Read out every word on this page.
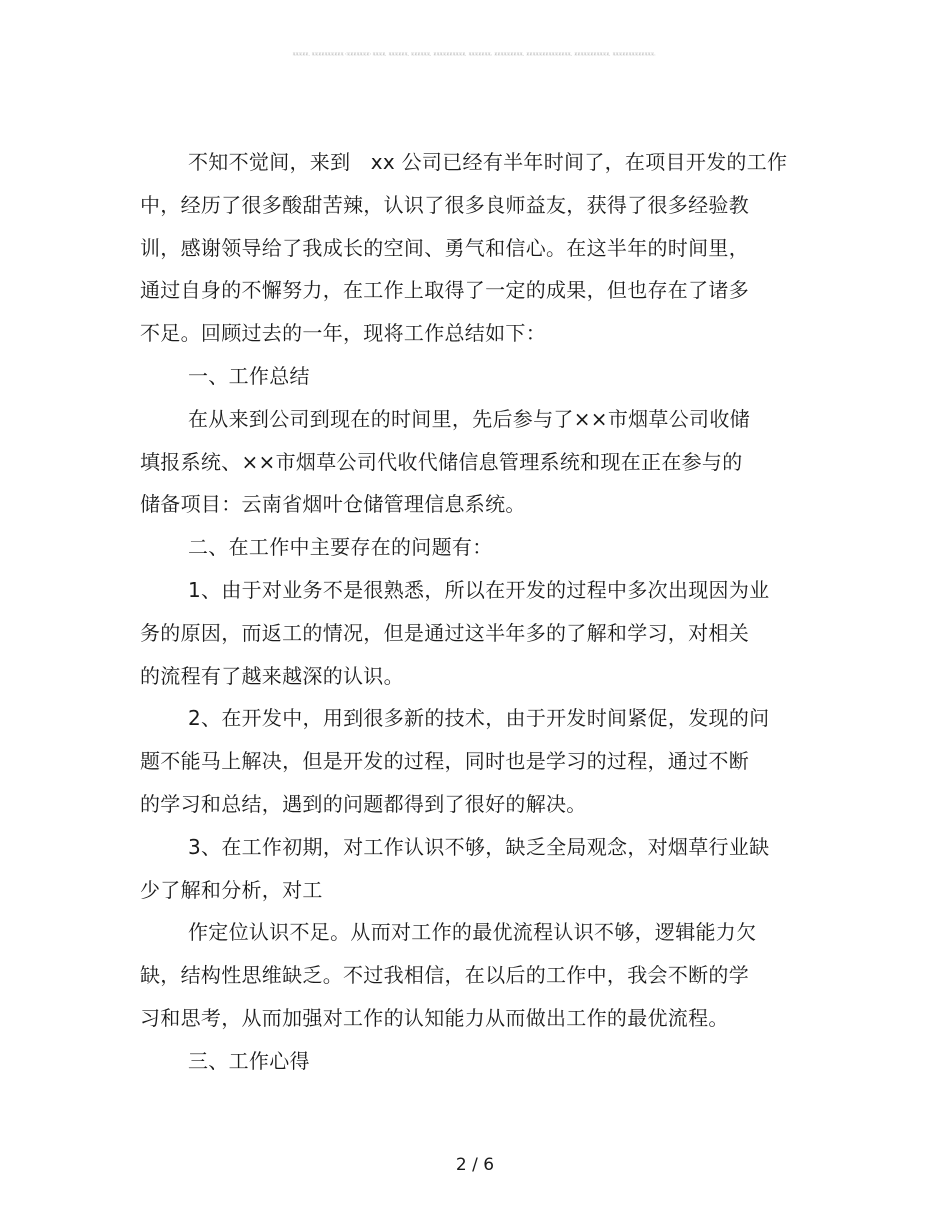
某某某某某，某某某某某某某某某某（某某某某某某某）某某某某，某某某某某某，某某某某某某，某某某某某某某某某某，某某某某某某某。某某某某某某某某某，某某某某某某某某某某某某某某，某某某某某某某某某某某，某某某某某某某某某某某某某。

不知不觉间，来到　xx 公司已经有半年时间了，在项目开发的工作
中，经历了很多酸甜苦辣，认识了很多良师益友，获得了很多经验教
训，感谢领导给了我成长的空间、勇气和信心。在这半年的时间里，
通过自身的不懈努力，在工作上取得了一定的成果，但也存在了诸多
不足。回顾过去的一年，现将工作总结如下：

一、工作总结

在从来到公司到现在的时间里，先后参与了××市烟草公司收储
填报系统、××市烟草公司代收代储信息管理系统和现在正在参与的
储备项目：云南省烟叶仓储管理信息系统。

二、在工作中主要存在的问题有：

1、由于对业务不是很熟悉，所以在开发的过程中多次出现因为业
务的原因，而返工的情况，但是通过这半年多的了解和学习，对相关
的流程有了越来越深的认识。

2、在开发中，用到很多新的技术，由于开发时间紧促，发现的问
题不能马上解决，但是开发的过程，同时也是学习的过程，通过不断
的学习和总结，遇到的问题都得到了很好的解决。

3、在工作初期，对工作认识不够，缺乏全局观念，对烟草行业缺
少了解和分析，对工

作定位认识不足。从而对工作的最优流程认识不够，逻辑能力欠
缺，结构性思维缺乏。不过我相信，在以后的工作中，我会不断的学
习和思考，从而加强对工作的认知能力从而做出工作的最优流程。

三、工作心得

2 / 6
